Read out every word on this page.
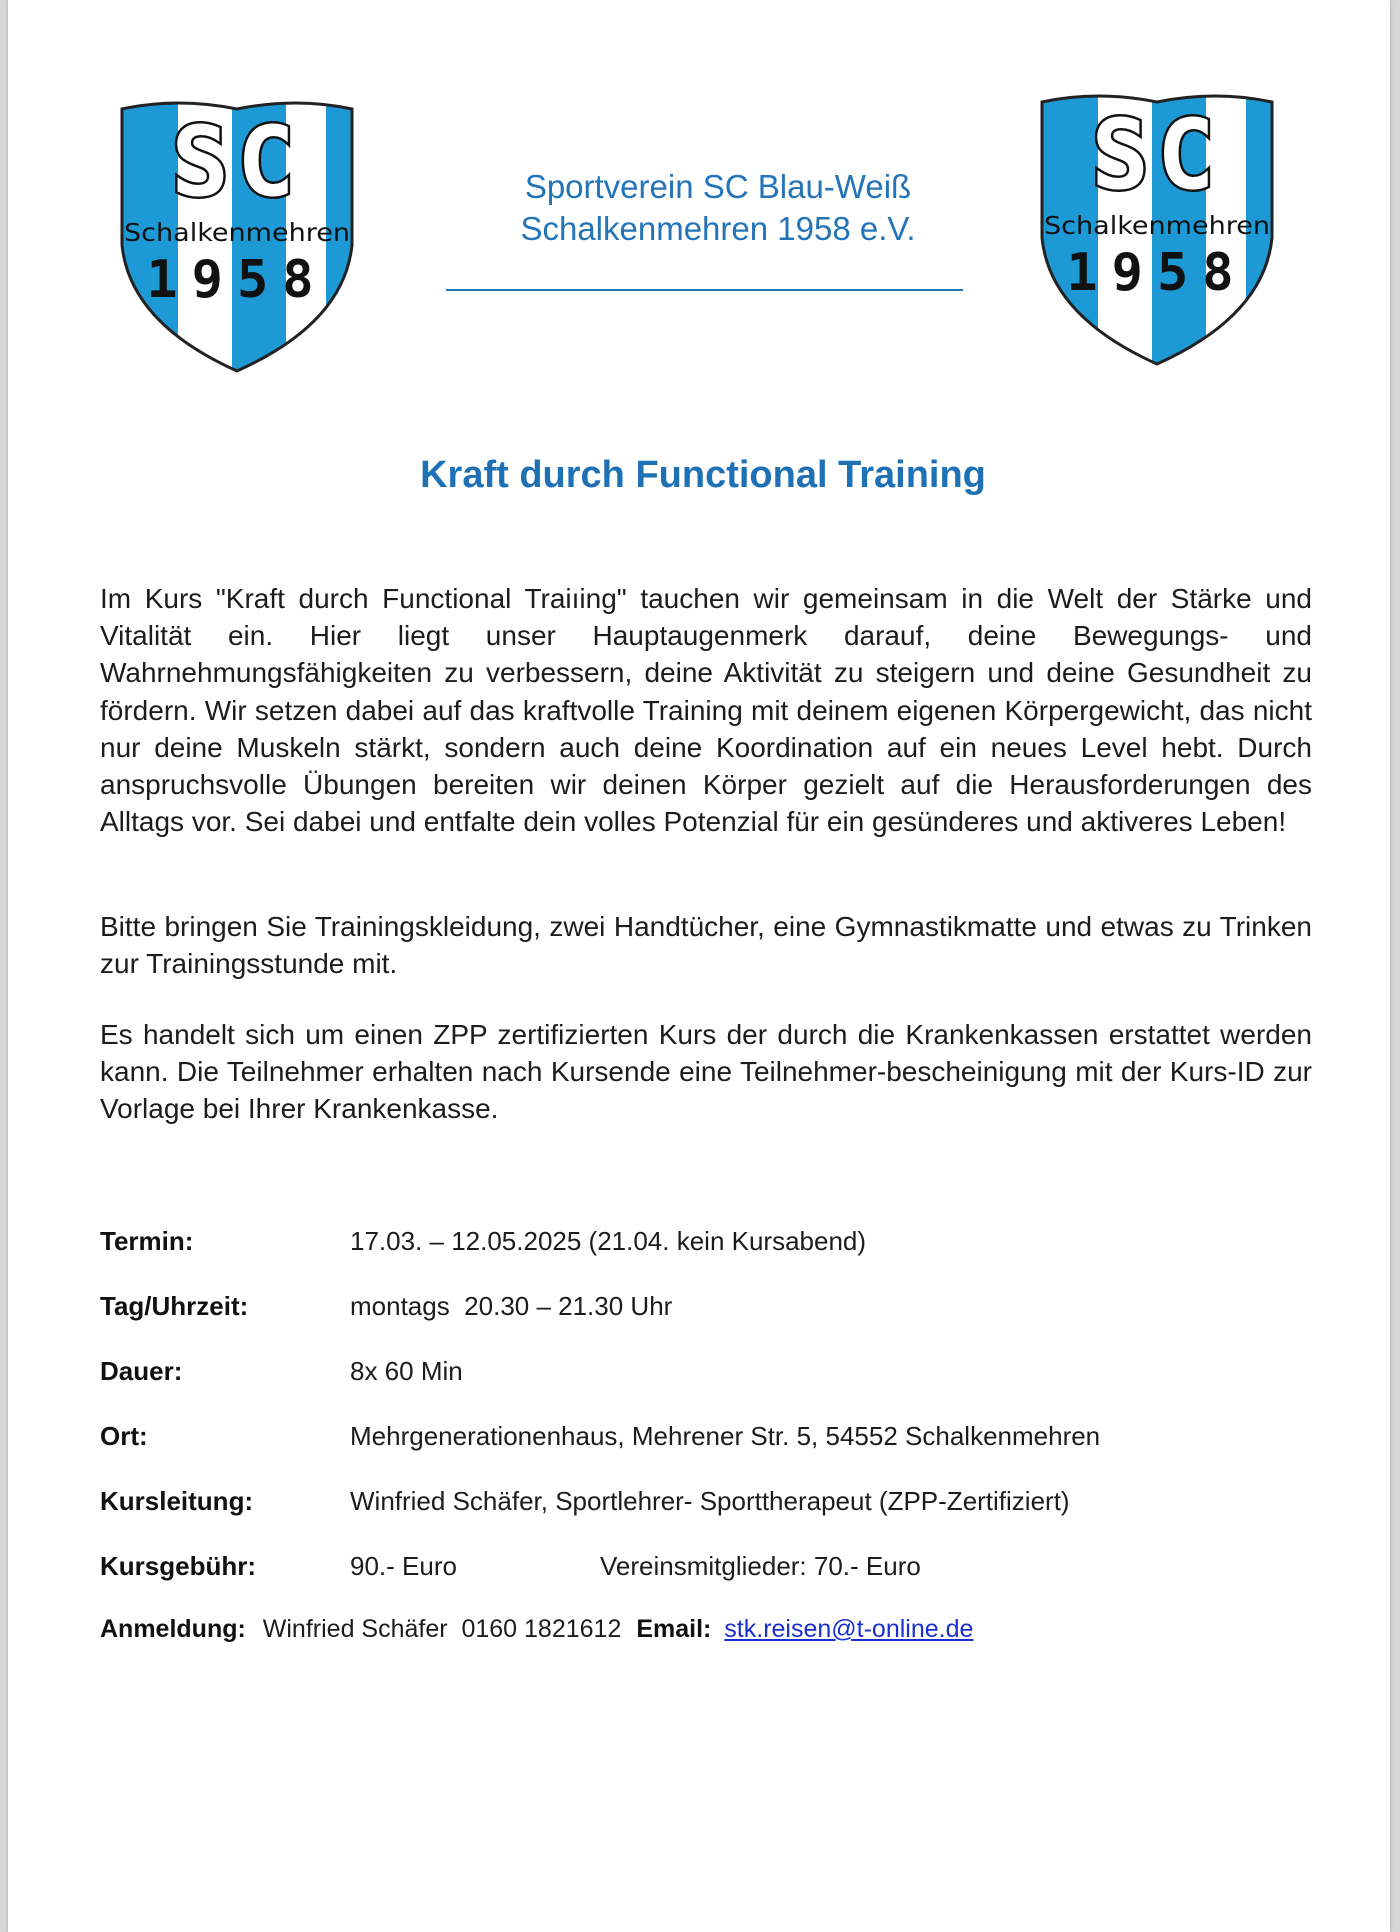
SC
Schalkenmehren
1958
Sportverein SC Blau-Weiß
Schalkenmehren 1958 e.V.
SC
Schalkenmehren
1958
Kraft durch Functional Training
Im Kurs "Kraft durch Functional Traiıing" tauchen wir gemeinsam in die Welt der Stärke und Vitalität ein. Hier liegt unser Hauptaugenmerk darauf, deine Bewegungs- und Wahrnehmungsfähigkeiten zu verbessern, deine Aktivität zu steigern und deine Gesundheit zu fördern. Wir setzen dabei auf das kraftvolle Training mit deinem eigenen Körpergewicht, das nicht nur deine Muskeln stärkt, sondern auch deine Koordination auf ein neues Level hebt. Durch anspruchsvolle Übungen bereiten wir deinen Körper gezielt auf die Herausforderungen des Alltags vor. Sei dabei und entfalte dein volles Potenzial für ein gesünderes und aktiveres Leben!
Bitte bringen Sie Trainingskleidung, zwei Handtücher, eine Gymnastikmatte und etwas zu Trinken zur Trainingsstunde mit.
Es handelt sich um einen ZPP zertifizierten Kurs der durch die Krankenkassen erstattet werden kann. Die Teilnehmer erhalten nach Kursende eine Teilnehmer-bescheinigung mit der Kurs-ID zur Vorlage bei Ihrer Krankenkasse.
Termin:	17.03. – 12.05.2025 (21.04. kein Kursabend)
Tag/Uhrzeit:	montags  20.30 – 21.30 Uhr
Dauer:	8x 60 Min
Ort:	Mehrgenerationenhaus, Mehrener Str. 5, 54552 Schalkenmehren
Kursleitung:	Winfried Schäfer, Sportlehrer- Sporttherapeut (ZPP-Zertifiziert)
Kursgebühr:	90.- Euro	Vereinsmitglieder: 70.- Euro
Anmeldung: Winfried Schäfer  0160 1821612 Email: stk.reisen@t-online.de
